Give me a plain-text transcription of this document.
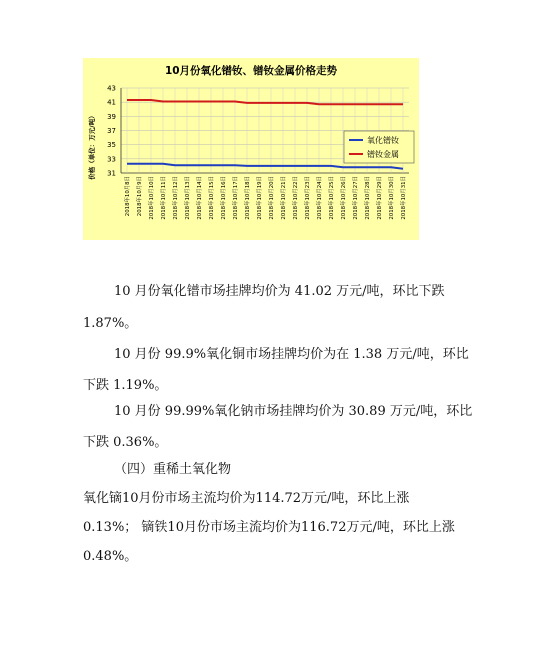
10月份氧化镨钕、镨钕金属价格走势
价格（单位：万元/吨） 31
33
35
37
39
41
43
2018年10月8日	2018年10月9日	2018年10月10日	2018年10月11日	2018年10月12日	2018年10月13日	2018年10月14日	2018年10月15日	2018年10月16日	2018年10月17日	2018年10月18日	2018年10月19日	2018年10月20日	2018年10月21日	2018年10月22日	2018年10月23日	2018年10月24日	2018年10月25日	2018年10月26日	2018年10月27日	2018年10月28日	2018年10月29日	2018年10月30日	2018年10月31日
氧化镨钕
镨钕金属
10 月份氧化镨市场挂牌均价为 41.02 万元/吨，环比下跌
1.87%。
10 月份 99.9%氧化铜市场挂牌均价为在 1.38 万元/吨，环比
下跌 1.19%。
10 月份 99.99%氧化钠市场挂牌均价为 30.89 万元/吨，环比
下跌 0.36%。
（四）重稀土氧化物
氧化镝10月份市场主流均价为114.72万元/吨，环比上涨
0.13%； 镝铁10月份市场主流均价为116.72万元/吨，环比上涨
0.48%。
